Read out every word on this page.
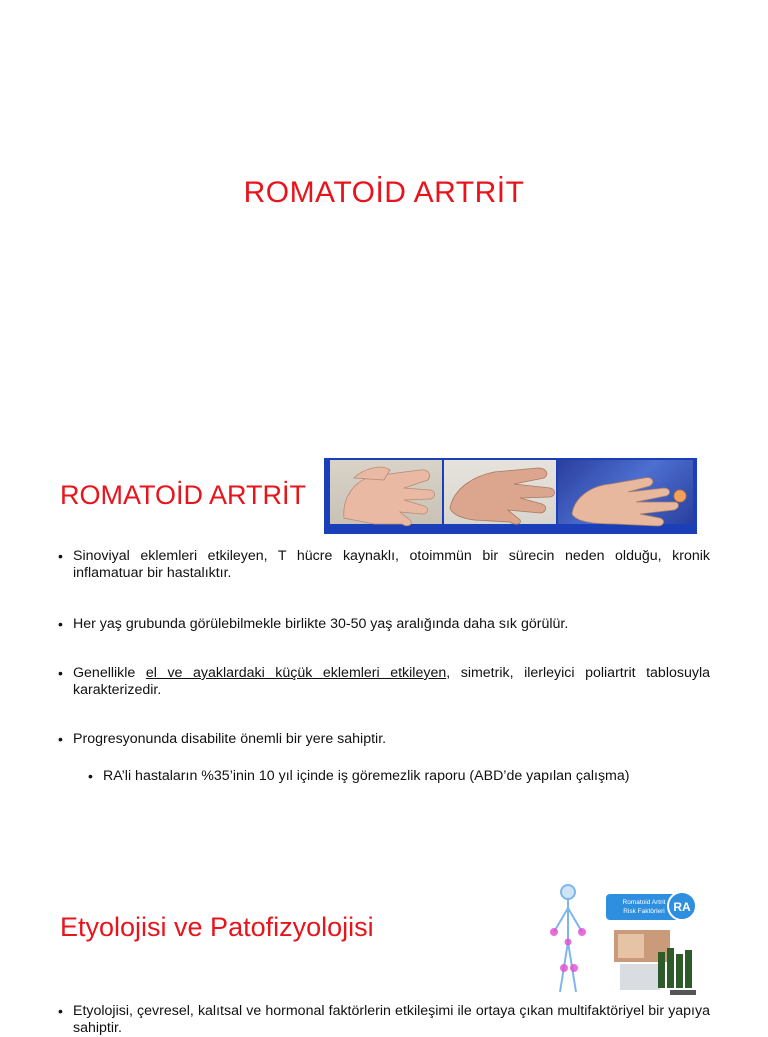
ROMATOİD ARTRİT
ROMATOİD ARTRİT
• Sinoviyal eklemleri etkileyen, T hücre kaynaklı, otoimmün bir sürecin neden olduğu, kronik inflamatuar bir hastalıktır.
• Her yaş grubunda görülebilmekle birlikte 30-50 yaş aralığında daha sık görülür.
• Genellikle el ve ayaklardaki küçük eklemleri etkileyen, simetrik, ilerleyici poliartrit tablosuyla karakterizedir.
• Progresyonunda disabilite önemli bir yere sahiptir.
• RA’li hastaların %35’inin 10 yıl içinde iş göremezlik raporu (ABD’de yapılan çalışma)
Etyolojisi ve Patofizyolojisi
Romatoid Artrit
Risk Faktörleri RA
• Etyolojisi, çevresel, kalıtsal ve hormonal faktörlerin etkileşimi ile ortaya çıkan multifaktöriyel bir yapıya sahiptir.
